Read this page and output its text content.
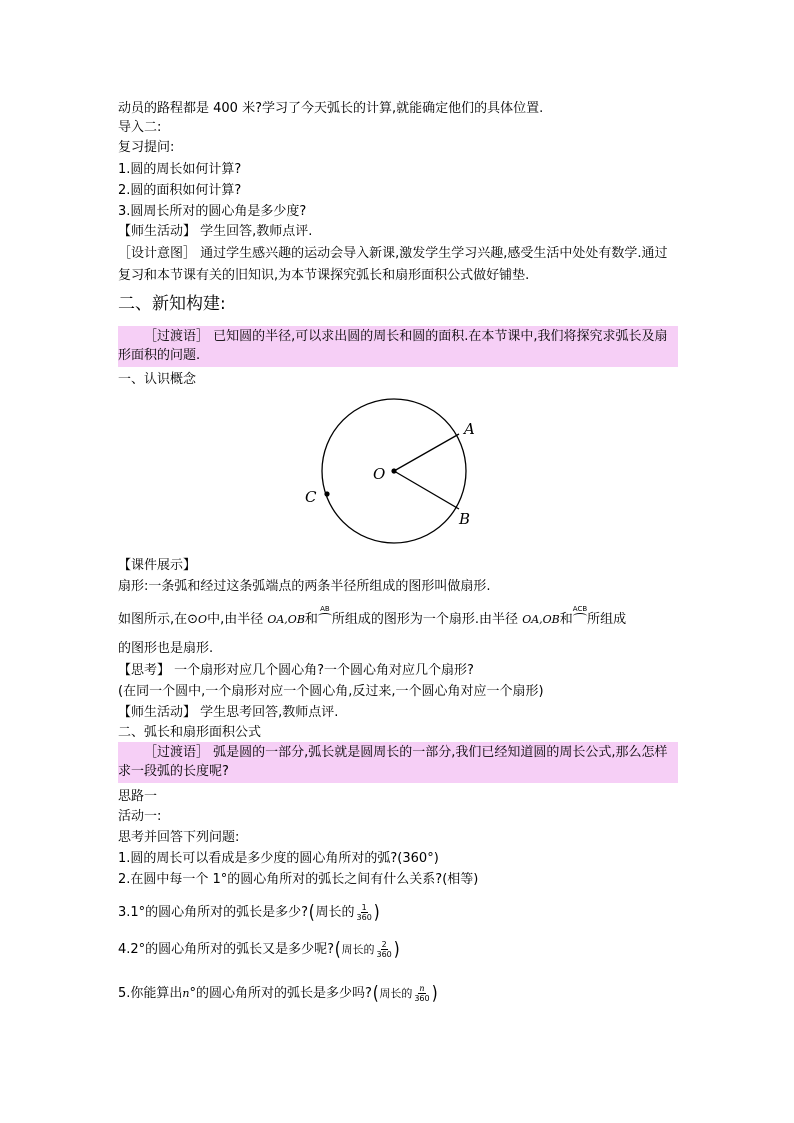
动员的路程都是 400 米?学习了今天弧长的计算,就能确定他们的具体位置.
导入二:
复习提问:
1.圆的周长如何计算?
2.圆的面积如何计算?
3.圆周长所对的圆心角是多少度?
【师生活动】 学生回答,教师点评.
［设计意图］ 通过学生感兴趣的运动会导入新课,激发学生学习兴趣,感受生活中处处有数学.通过复习和本节课有关的旧知识,为本节课探究弧长和扇形面积公式做好铺垫.
二、新知构建:
［过渡语］ 已知圆的半径,可以求出圆的周长和圆的面积.在本节课中,我们将探究求弧长及扇形面积的问题.
一、认识概念
O
A
B
C
【课件展示】
扇形:一条弧和经过这条弧端点的两条半径所组成的图形叫做扇形.
如图所示,在⊙O中,由半径 OA,OB和
AB
所组成的图形为一个扇形.由半径 OA,OB和
ACB
所组成
的图形也是扇形.
【思考】 一个扇形对应几个圆心角?一个圆心角对应几个扇形?
(在同一个圆中,一个扇形对应一个圆心角,反过来,一个圆心角对应一个扇形)
【师生活动】 学生思考回答,教师点评.
二、弧长和扇形面积公式
［过渡语］ 弧是圆的一部分,弧长就是圆周长的一部分,我们已经知道圆的周长公式,那么怎样求一段弧的长度呢?
思路一
活动一:
思考并回答下列问题:
1.圆的周长可以看成是多少度的圆心角所对的弧?(360°)
2.在圆中每一个 1°的圆心角所对的弧长之间有什么关系?(相等)
3.1°的圆心角所对的弧长是多少?(周长的 $\frac{1}{360}$ )
4.2°的圆心角所对的弧长又是多少呢?(周长的 $\frac{2}{360}$ )
5.你能算出n°的圆心角所对的弧长是多少吗?(周长的 $\frac{n}{360}$ )
